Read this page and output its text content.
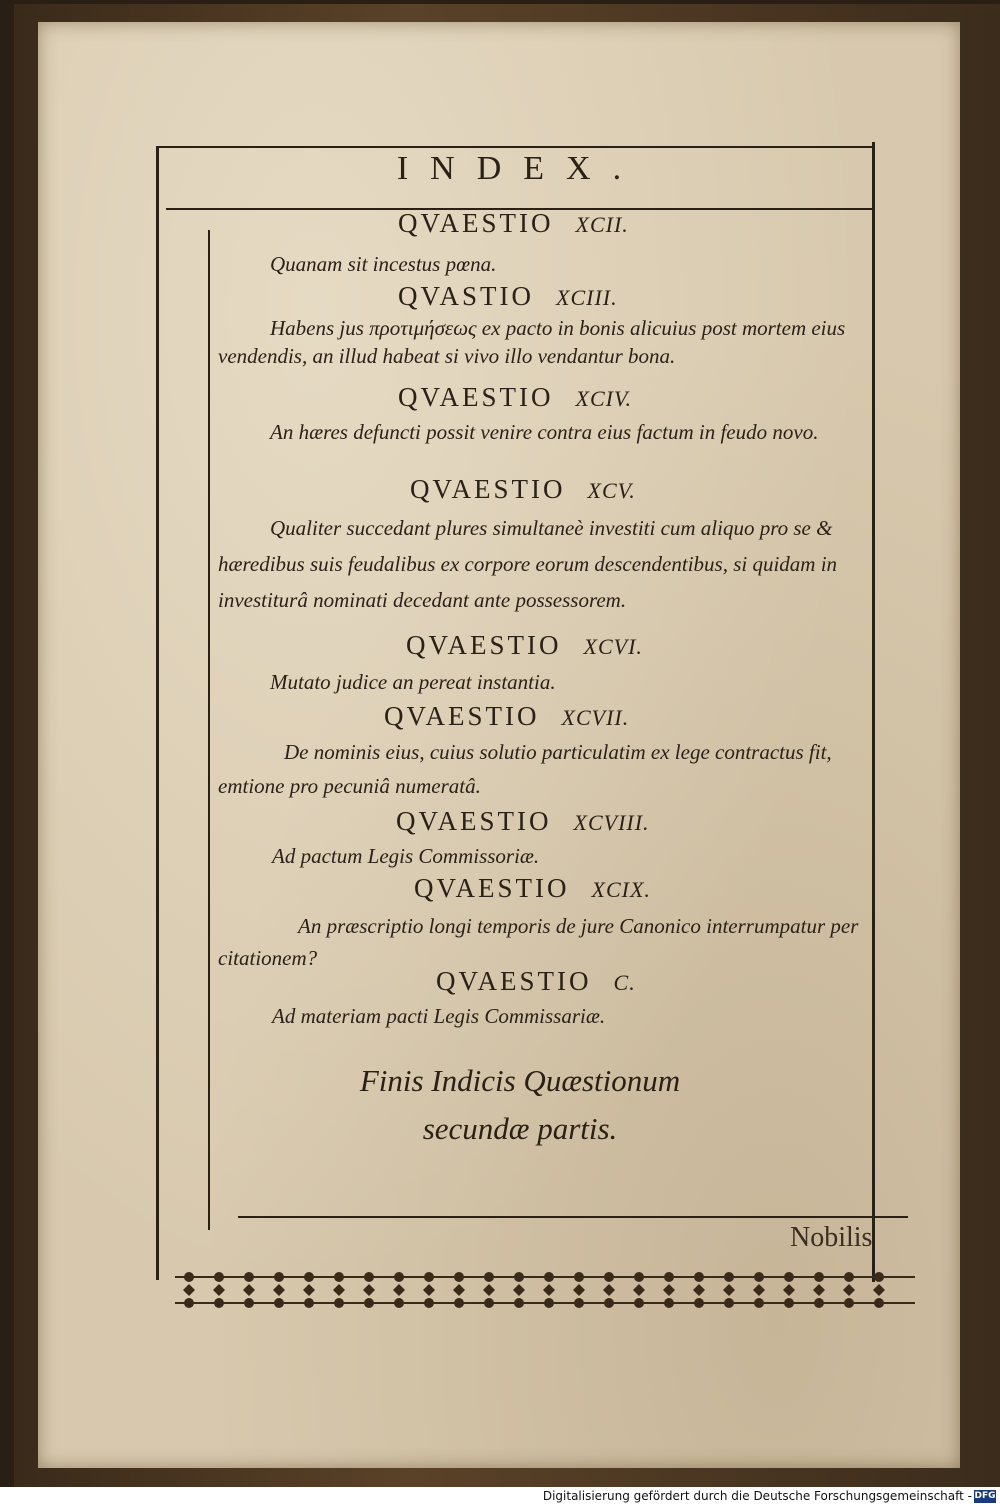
INDEX.
QVAESTIO XCII.
Quanam sit incestus pœna.
QVASTIO XCIII.
Habens jus προτιμήσεως ex pacto in bonis alicuius post mortem eius vendendis, an illud habeat si vivo illo vendantur bona.
QVAESTIO XCIV.
An hæres defuncti possit venire contra eius factum in feudo novo.
QVAESTIO XCV.
Qualiter succedant plures simultaneè investiti cum aliquo pro se & hæredibus suis feudalibus ex corpore eorum descendentibus, si quidam in investiturâ nominati decedant ante possessorem.
QVAESTIO XCVI.
Mutato judice an pereat instantia.
QVAESTIO XCVII.
De nominis eius, cuius solutio particulatim ex lege contractus fit, emtione pro pecuniâ numeratâ.
QVAESTIO XCVIII.
Ad pactum Legis Commissoriæ.
QVAESTIO XCIX.
An præscriptio longi temporis de jure Canonico interrumpatur per citationem?
QVAESTIO C.
Ad materiam pacti Legis Commissariæ.
Finis Indicis Quæstionum
secundæ partis.
Nobilis
Digitalisierung gefördert durch die Deutsche Forschungsgemeinschaft - DFG
